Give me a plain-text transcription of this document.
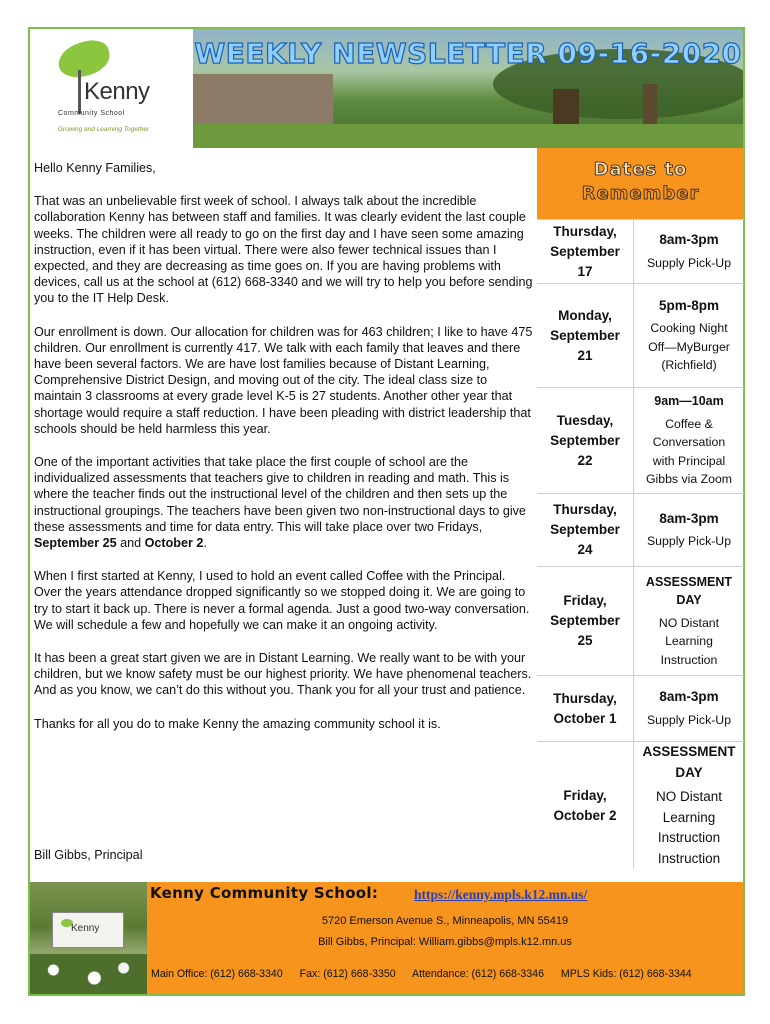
Kenny
Community School
Growing and Learning Together
WEEKLY NEWSLETTER 09-16-2020

Hello Kenny Families,

That was an unbelievable first week of school. I always talk about the incredible collaboration Kenny has between staff and families. It was clearly evident the last couple weeks. The children were all ready to go on the first day and I have seen some amazing instruction, even if it has been virtual. There were also fewer technical issues than I expected, and they are decreasing as time goes on. If you are having problems with devices, call us at the school at (612) 668-3340 and we will try to help you before sending you to the IT Help Desk.

Our enrollment is down. Our allocation for children was for 463 children; I like to have 475 children. Our enrollment is currently 417. We talk with each family that leaves and there have been several factors. We are have lost families because of Distant Learning, Comprehensive District Design, and moving out of the city. The ideal class size to maintain 3 classrooms at every grade level K-5 is 27 students. Another other year that shortage would require a staff reduction. I have been pleading with district leadership that schools should be held harmless this year.

One of the important activities that take place the first couple of school are the individualized assessments that teachers give to children in reading and math. This is where the teacher finds out the instructional level of the children and then sets up the instructional groupings. The teachers have been given two non-instructional days to give these assessments and time for data entry. This will take place over two Fridays, September 25 and October 2.

When I first started at Kenny, I used to hold an event called Coffee with the Principal. Over the years attendance dropped significantly so we stopped doing it. We are going to try to start it back up. There is never a formal agenda. Just a good two-way conversation. We will schedule a few and hopefully we can make it an ongoing activity.

It has been a great start given we are in Distant Learning. We really want to be with your children, but we know safety must be our highest priority. We have phenomenal teachers. And as you know, we can’t do this without you. Thank you for all your trust and patience.

Thanks for all you do to make Kenny the amazing community school it is.

Bill Gibbs, Principal
Dates to
Remember
Thursday,
September
17
8am-3pm
Supply Pick-Up
Monday,
September
21
5pm-8pm
Cooking Night
Off—MyBurger
(Richfield)
Tuesday,
September
22
9am—10am
Coffee &
Conversation
with Principal
Gibbs via Zoom
Thursday,
September
24
8am-3pm
Supply Pick-Up
Friday,
September
25
ASSESSMENT DAY
NO Distant
Learning
Instruction
Thursday,
October 1
8am-3pm
Supply Pick-Up
Friday,
October 2
ASSESSMENT DAY
NO Distant
Learning
Instruction
Instruction
Kenny
Kenny Community School:	https://kenny.mpls.k12.mn.us/
5720 Emerson Avenue S., Minneapolis, MN 55419
Bill Gibbs, Principal: William.gibbs@mpls.k12.mn.us
Main Office: (612) 668-3340 Fax: (612) 668-3350 Attendance: (612) 668-3346 MPLS Kids: (612) 668-3344
